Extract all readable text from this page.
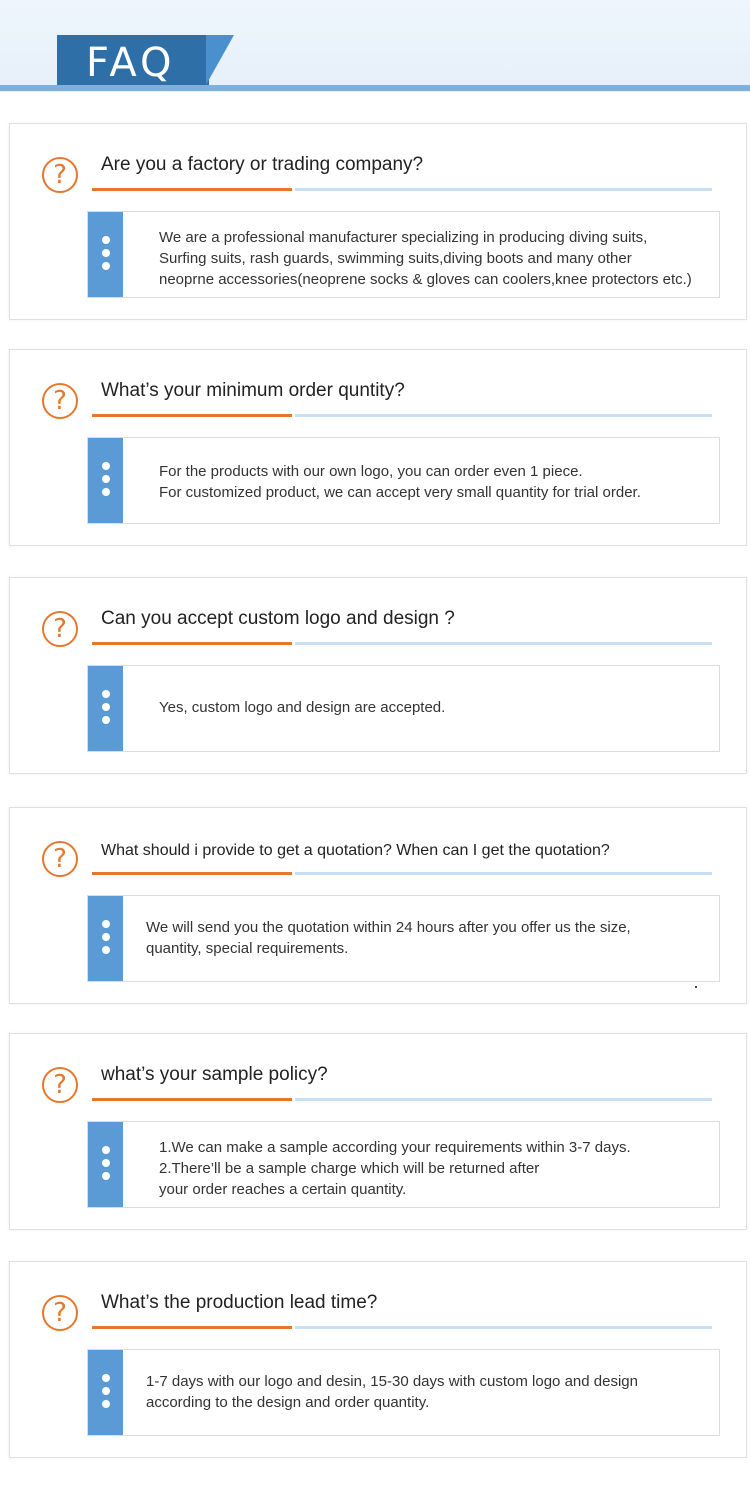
FAQ
?	Are you a factory or trading company?
We are a professional manufacturer specializing in producing diving suits,
Surfing suits, rash guards, swimming suits,diving boots and many other
neoprne accessories(neoprene socks & gloves can coolers,knee protectors etc.)
?	What’s your minimum order quntity?
For the products with our own logo, you can order even 1 piece.
For customized product, we can accept very small quantity for trial order.
?	Can you accept custom logo and design ?
Yes, custom logo and design are accepted.
?	What should i provide to get a quotation? When can I get the quotation?
We will send you the quotation within 24 hours after you offer us the size,
quantity, special requirements.
?	what’s your sample policy?
1.We can make a sample according your requirements within 3-7 days.
2.There’ll be a sample charge which will be returned after
your order reaches a certain quantity.
?	What’s the production lead time?
1-7 days with our logo and desin, 15-30 days with custom logo and design
according to the design and order quantity.
